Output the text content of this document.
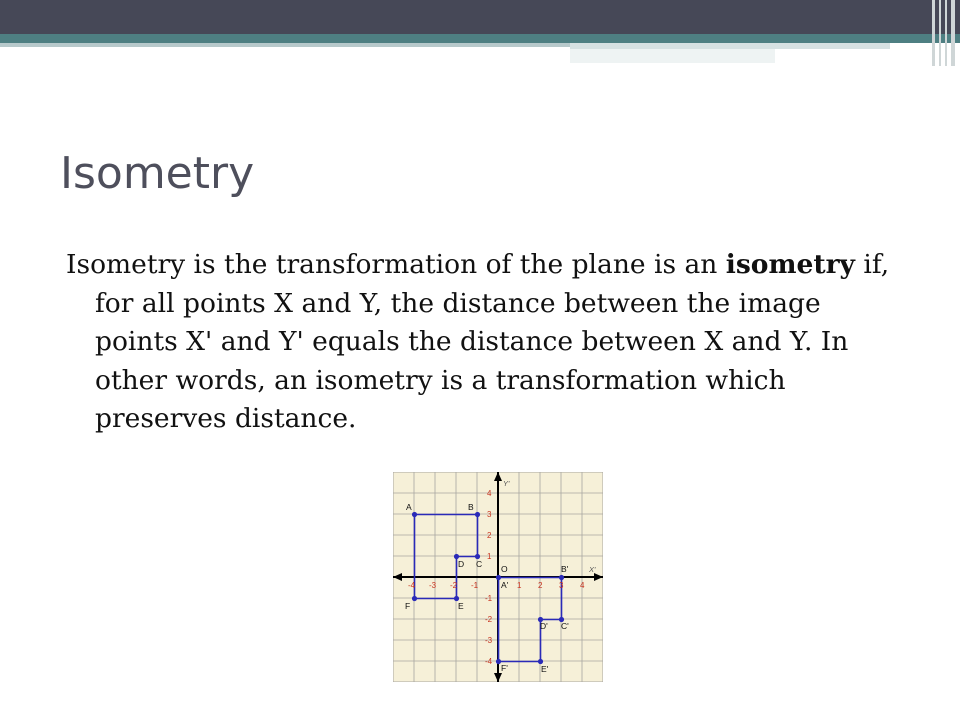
Isometry

Isometry is the transformation of the plane is an isometry if, for all points X and Y, the distance between the image points X' and Y' equals the distance between X and Y. In other words, an isometry is a transformation which preserves distance.

A	B
C
D
E
F
A'
B'
C'
D'
E'
F'
O
Y'
X'
-4 -3 -2 -1	1 2 3 4
4
3
2
1
-1
-2
-3
-4
